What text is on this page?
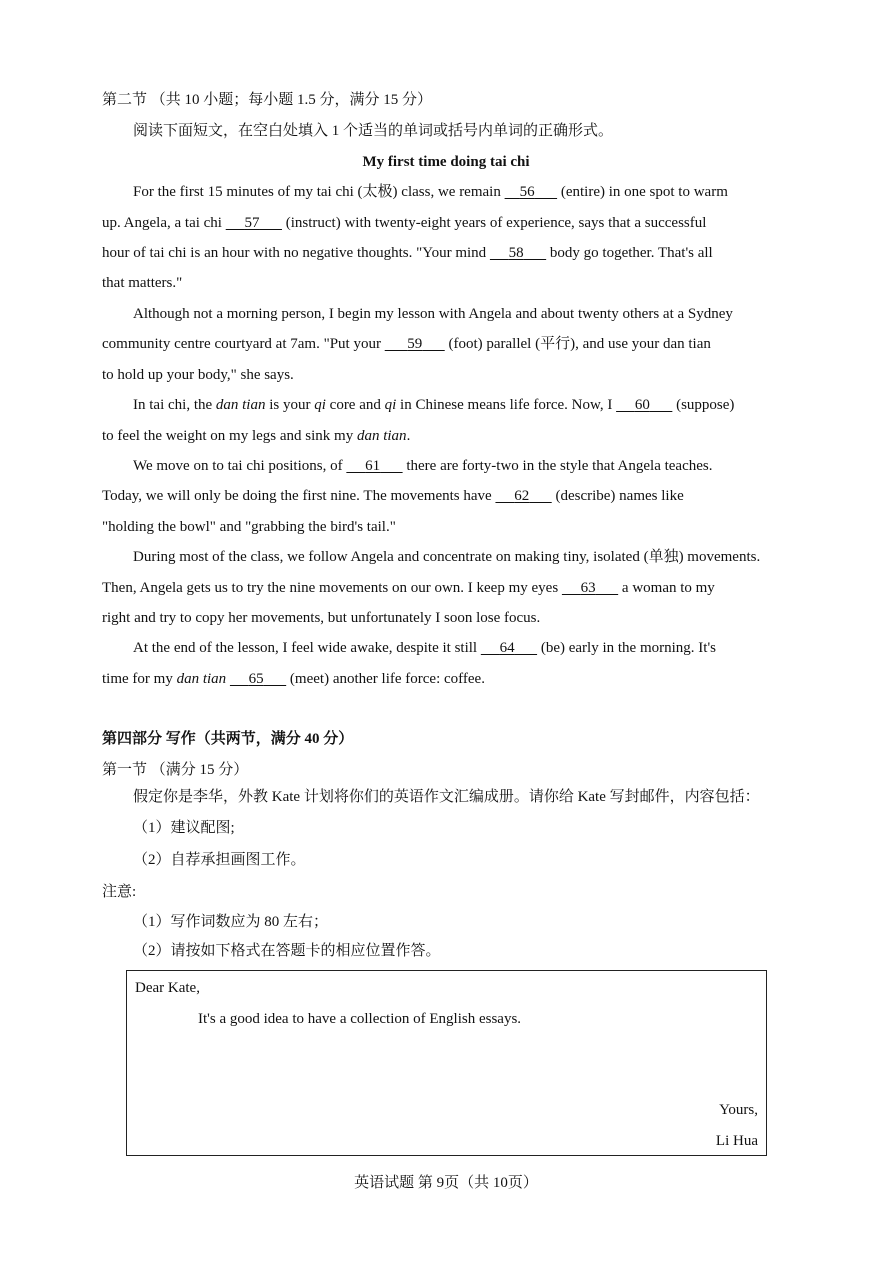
第二节 （共 10 小题；每小题 1.5 分，满分 15 分）
阅读下面短文，在空白处填入 1 个适当的单词或括号内单词的正确形式。
My first time doing tai chi
For the first 15 minutes of my tai chi (太极) class, we remain     56       (entire) in one spot to warm
up. Angela, a tai chi      57       (instruct) with twenty-eight years of experience, says that a successful
hour of tai chi is an hour with no negative thoughts. "Your mind      58       body go together. That's all
that matters."
Although not a morning person, I begin my lesson with Angela and about twenty others at a Sydney
community centre courtyard at 7am. "Put your       59       (foot) parallel (平行), and use your dan tian
to hold up your body," she says.
In tai chi, the dan tian is your qi core and qi in Chinese means life force. Now, I      60       (suppose)
to feel the weight on my legs and sink my dan tian.
We move on to tai chi positions, of      61       there are forty-two in the style that Angela teaches.
Today, we will only be doing the first nine. The movements have      62       (describe) names like
"holding the bowl" and "grabbing the bird's tail."
During most of the class, we follow Angela and concentrate on making tiny, isolated (单独) movements.
Then, Angela gets us to try the nine movements on our own. I keep my eyes      63       a woman to my
right and try to copy her movements, but unfortunately I soon lose focus.
At the end of the lesson, I feel wide awake, despite it still      64       (be) early in the morning. It's
time for my dan tian 65       (meet) another life force: coffee.
第四部分 写作（共两节，满分 40 分）
第一节 （满分 15 分）
假定你是李华，外教 Kate 计划将你们的英语作文汇编成册。请你给 Kate 写封邮件，内容包括：
（1）建议配图;
（2）自荐承担画图工作。
注意:
（1）写作词数应为 80 左右；
（2）请按如下格式在答题卡的相应位置作答。
Dear Kate,
It's a good idea to have a collection of English essays.
Yours,
Li Hua
英语试题 第 9页（共 10页）
